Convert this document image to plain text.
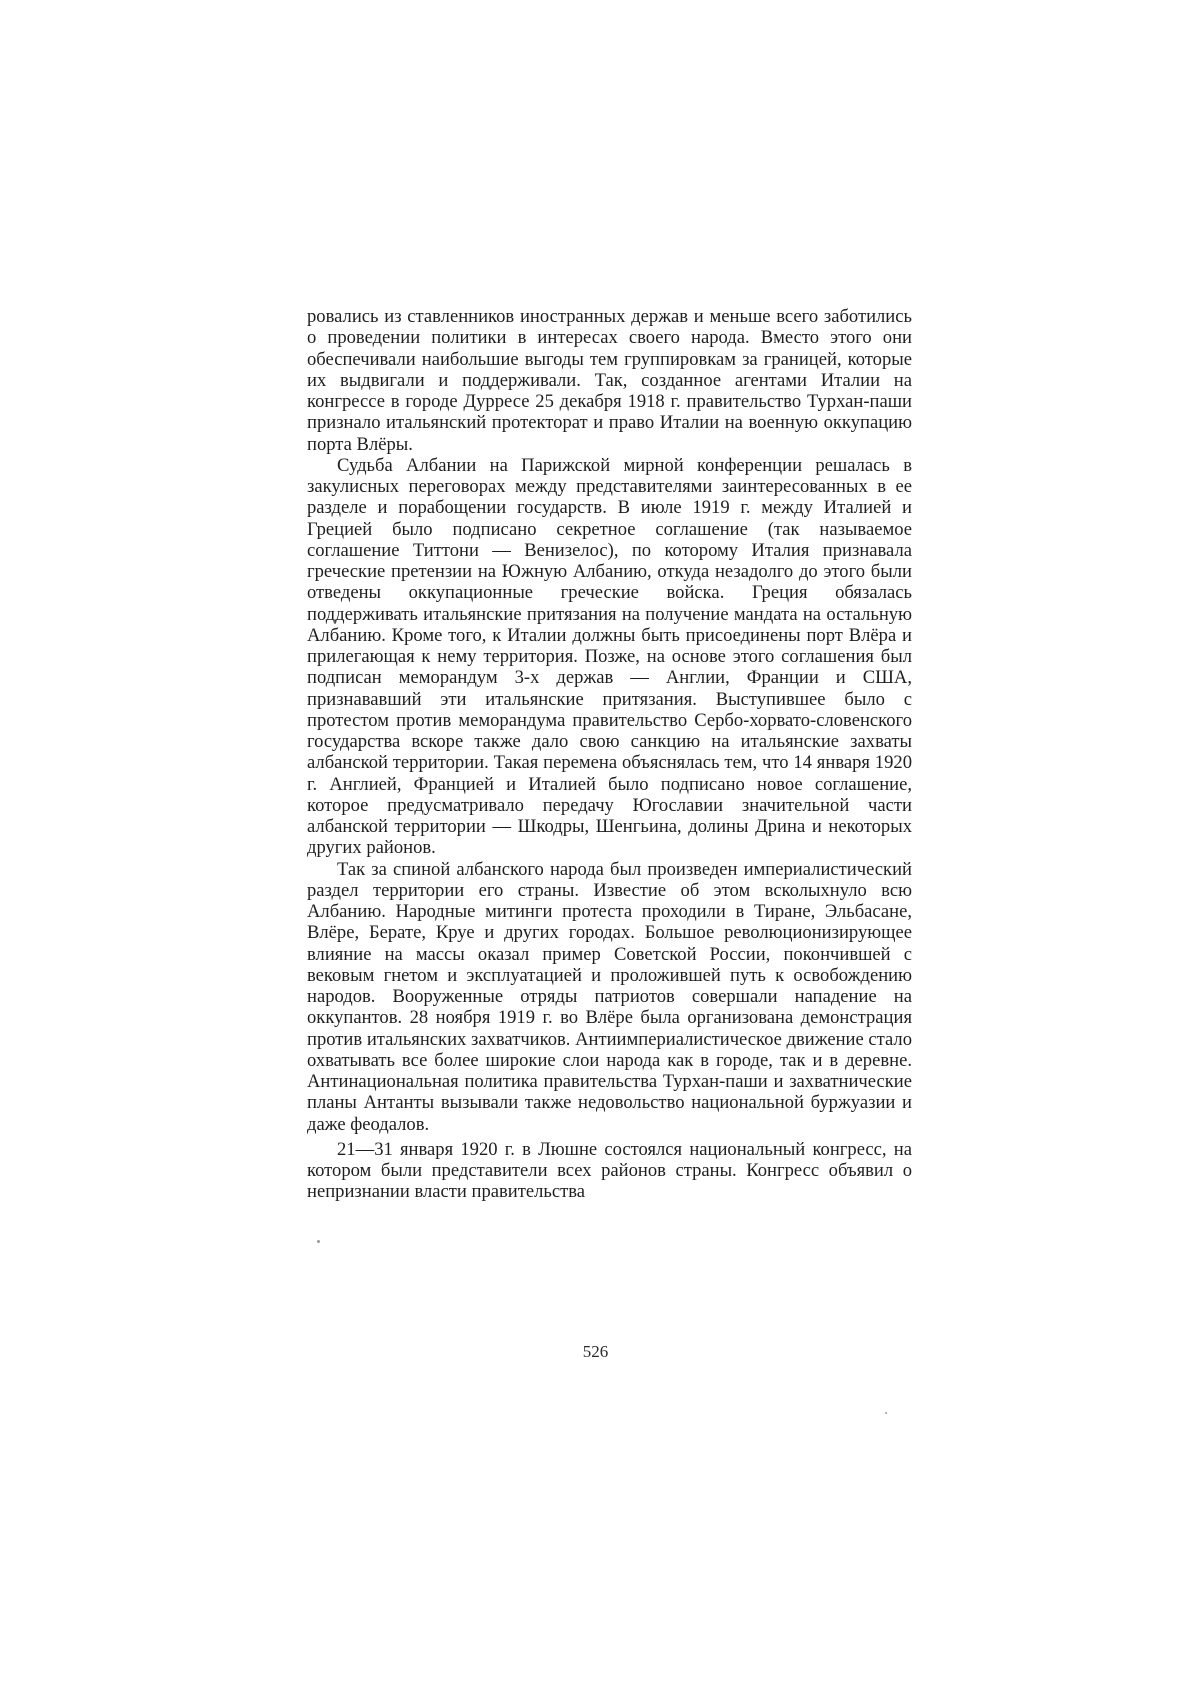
ровались из ставленников иностранных держав и меньше всего заботились о проведении политики в интересах своего народа. Вместо этого они обеспечивали наибольшие выгоды тем группировкам за границей, которые их выдвигали и поддерживали. Так, созданное агентами Италии на конгрессе в городе Дурресе 25 декабря 1918 г. правительство Турхан-паши признало итальянский протекторат и право Италии на военную оккупацию порта Влёры.

Судьба Албании на Парижской мирной конференции решалась в закулисных переговорах между представителями заинтересованных в ее разделе и порабощении государств. В июле 1919 г. между Италией и Грецией было подписано секретное соглашение (так называемое соглашение Титтони — Венизелос), по которому Италия признавала греческие претензии на Южную Албанию, откуда незадолго до этого были отведены оккупационные греческие войска. Греция обязалась поддерживать итальянские притязания на получение мандата на остальную Албанию. Кроме того, к Италии должны быть присоединены порт Влёра и прилегающая к нему территория. Позже, на основе этого соглашения был подписан меморандум 3-х держав — Англии, Франции и США, признававший эти итальянские притязания. Выступившее было с протестом против меморандума правительство Сербо-хорвато-словенского государства вскоре также дало свою санкцию на итальянские захваты албанской территории. Такая перемена объяснялась тем, что 14 января 1920 г. Англией, Францией и Италией было подписано новое соглашение, которое предусматривало передачу Югославии значительной части албанской территории — Шкодры, Шенгьина, долины Дрина и некоторых других районов.

Так за спиной албанского народа был произведен империалистический раздел территории его страны. Известие об этом всколыхнуло всю Албанию. Народные митинги протеста проходили в Тиране, Эльбасане, Влёре, Берате, Круе и других городах. Большое революционизирующее влияние на массы оказал пример Советской России, покончившей с вековым гнетом и эксплуатацией и проложившей путь к освобождению народов. Вооруженные отряды патриотов совершали нападение на оккупантов. 28 ноября 1919 г. во Влёре была организована демонстрация против итальянских захватчиков. Антиимпериалистическое движение стало охватывать все более широкие слои народа как в городе, так и в деревне. Антинациональная политика правительства Турхан-паши и захватнические планы Антанты вызывали также недовольство национальной буржуазии и даже феодалов.

21—31 января 1920 г. в Люшне состоялся национальный конгресс, на котором были представители всех районов страны. Конгресс объявил о непризнании власти правительства

526
